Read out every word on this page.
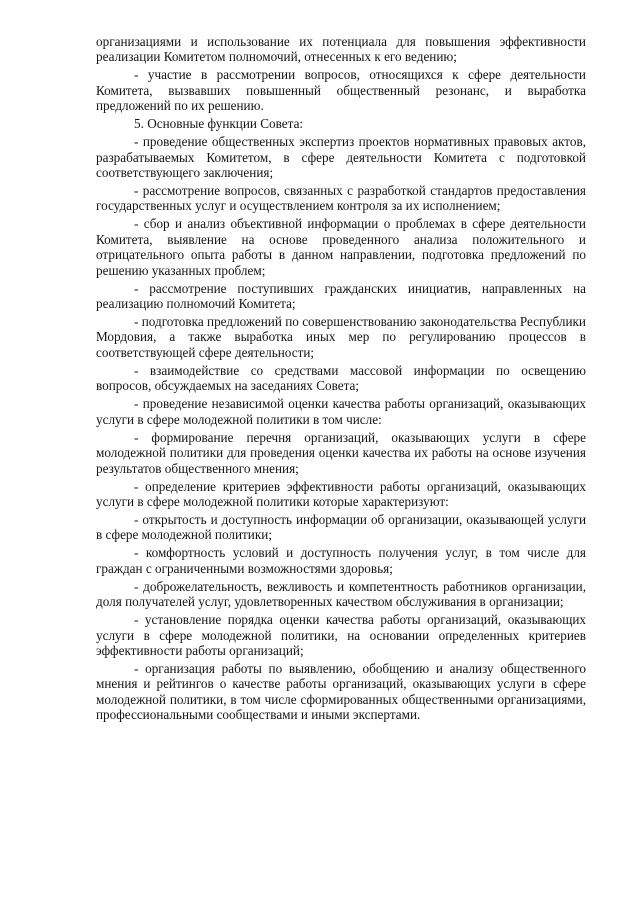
организациями и использование их потенциала для повышения эффективности реализации Комитетом полномочий, отнесенных к его ведению;

- участие в рассмотрении вопросов, относящихся к сфере деятельности Комитета, вызвавших повышенный общественный резонанс, и выработка предложений по их решению.

5. Основные функции Совета:

- проведение общественных экспертиз проектов нормативных правовых актов, разрабатываемых Комитетом, в сфере деятельности Комитета с подготовкой соответствующего заключения;

- рассмотрение вопросов, связанных с разработкой стандартов предоставления государственных услуг и осуществлением контроля за их исполнением;

- сбор и анализ объективной информации о проблемах в сфере деятельности Комитета, выявление на основе проведенного анализа положительного и отрицательного опыта работы в данном направлении, подготовка предложений по решению указанных проблем;

- рассмотрение поступивших гражданских инициатив, направленных на реализацию полномочий Комитета;

- подготовка предложений по совершенствованию законодательства Республики Мордовия, а также выработка иных мер по регулированию процессов в соответствующей сфере деятельности;

- взаимодействие со средствами массовой информации по освещению вопросов, обсуждаемых на заседаниях Совета;

- проведение независимой оценки качества работы организаций, оказывающих услуги в сфере молодежной политики в том числе:

- формирование перечня организаций, оказывающих услуги в сфере молодежной политики для проведения оценки качества их работы на основе изучения результатов общественного мнения;

- определение критериев эффективности работы организаций, оказывающих услуги в сфере молодежной политики которые характеризуют:

- открытость и доступность информации об организации, оказывающей услуги в сфере молодежной политики;

- комфортность условий и доступность получения услуг, в том числе для граждан с ограниченными возможностями здоровья;

- доброжелательность, вежливость и компетентность работников организации, доля получателей услуг, удовлетворенных качеством обслуживания в организации;

- установление порядка оценки качества работы организаций, оказывающих услуги в сфере молодежной политики, на основании определенных критериев эффективности работы организаций;

- организация работы по выявлению, обобщению и анализу общественного мнения и рейтингов о качестве работы организаций, оказывающих услуги в сфере молодежной политики, в том числе сформированных общественными организациями, профессиональными сообществами и иными экспертами.
